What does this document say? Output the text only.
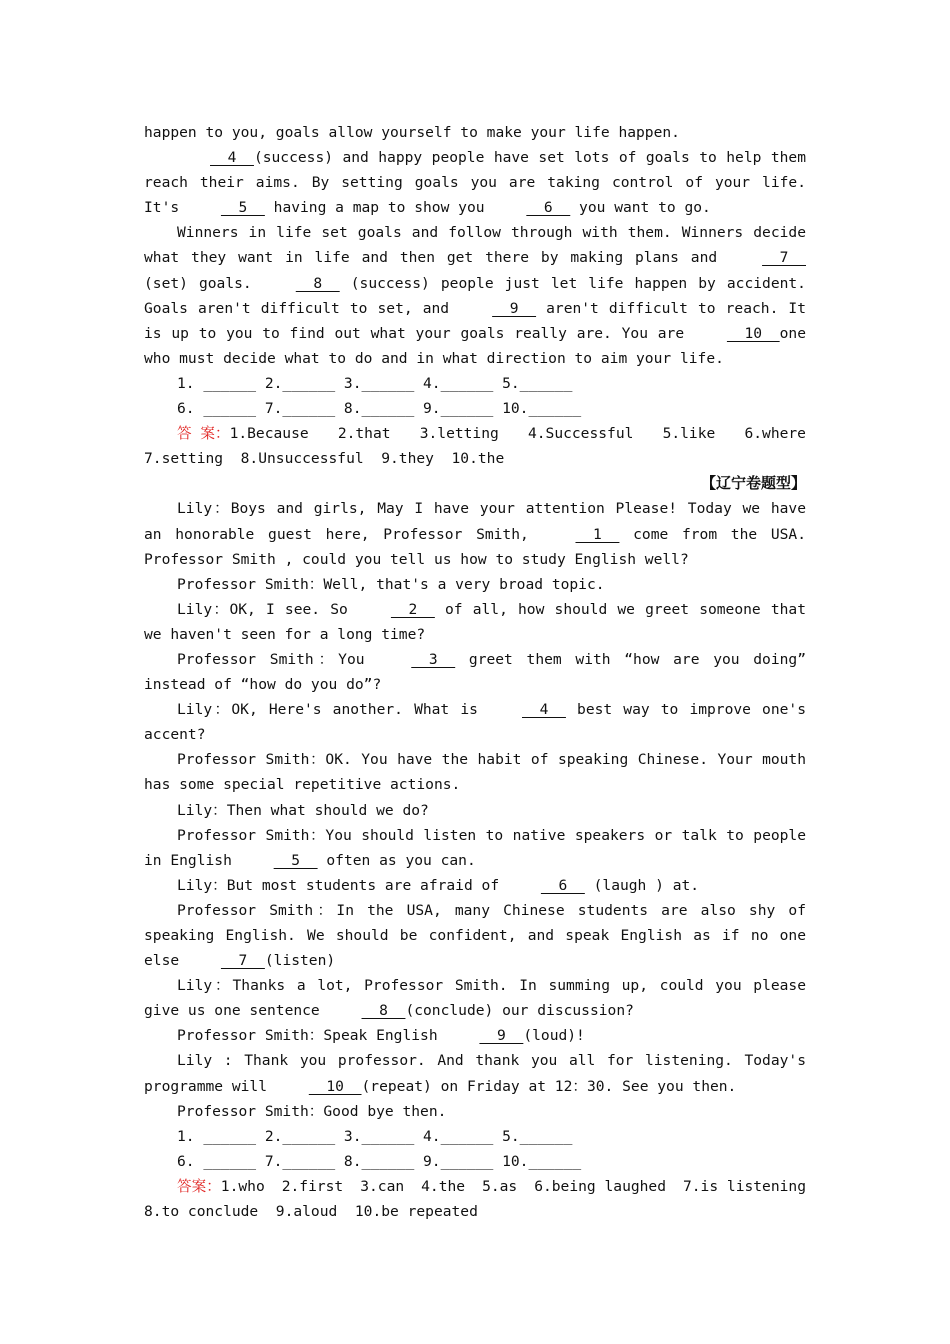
happen to you, goals allow yourself to make your life happen.

4  (success) and happy people have set lots of goals to help them reach their aims. By setting goals you are taking control of your life. It's   5   having a map to show you   6   you want to go.

Winners in life set goals and follow through with them. Winners decide what they want in life and then get there by making plans and   7  (set) goals.   8   (success) people just let life happen by accident. Goals aren't difficult to set, and   9   aren't difficult to reach. It is up to you to find out what your goals really are. You are   10  one who must decide what to do and in what direction to aim your life.

1. ______ 2.______ 3.______ 4.______ 5.______

6. ______ 7.______ 8.______ 9.______ 10.______

答 案：1.Because 2.that 3.letting 4.Successful 5.like 6.where

7.setting  8.Unsuccessful  9.they  10.the

【辽宁卷题型】

Lily：Boys and girls, May I have your attention Please! Today we have an honorable guest here, Professor Smith,   1   come from the USA. Professor Smith , could you tell us how to study English well?

Professor Smith：Well, that's a very broad topic.

Lily：OK, I see. So   2   of all, how should we greet someone that we haven't seen for a long time?

Professor Smith：You   3   greet them with “how are you doing” instead of “how do you do”?

Lily：OK, Here's another. What is   4   best way to improve one's accent?

Professor Smith：OK. You have the habit of speaking Chinese. Your mouth has some special repetitive actions.

Lily：Then what should we do?

Professor Smith：You should listen to native speakers or talk to people in English   5   often as you can.

Lily：But most students are afraid of   6   (laugh ) at.

Professor Smith：In the USA, many Chinese students are also shy of speaking English. We should be confident, and speak English as if no one else   7  (listen)

Lily：Thanks a lot, Professor Smith. In summing up, could you please give us one sentence   8  (conclude) our discussion?

Professor Smith：Speak English   9  (loud)!

Lily : Thank you professor. And thank you all for listening. Today's programme will   10  (repeat) on Friday at 12：30. See you then.

Professor Smith：Good bye then.

1. ______ 2.______ 3.______ 4.______ 5.______

6. ______ 7.______ 8.______ 9.______ 10.______

答案：1.who 2.first 3.can 4.the 5.as 6.being laughed 7.is listening

8.to conclude  9.aloud  10.be repeated
